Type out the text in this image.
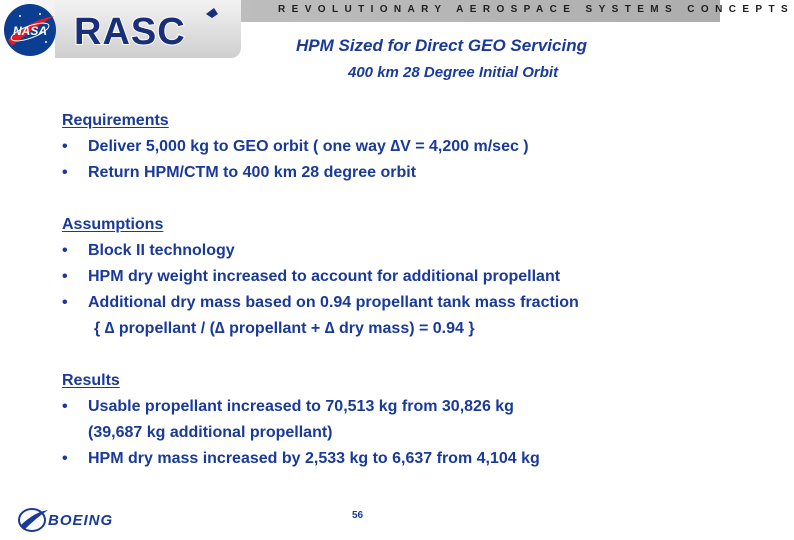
REVOLUTIONARY AEROSPACE SYSTEMS CONCEPTS
RASC
NASA
HPM Sized for Direct GEO Servicing
400 km 28 Degree Initial Orbit
Requirements
•	Deliver 5,000 kg to GEO orbit ( one way ∆V = 4,200 m/sec )
•	Return HPM/CTM to 400 km 28 degree orbit
Assumptions
•	Block II technology
•	HPM dry weight increased to account for additional propellant
•	Additional dry mass based on 0.94 propellant tank mass fraction
{ ∆ propellant / (∆ propellant + ∆ dry mass) = 0.94 }
Results
•	Usable propellant increased to 70,513 kg from 30,826 kg
(39,687 kg additional propellant)
•	HPM dry mass increased by 2,533 kg to 6,637 from 4,104 kg
BOEING	56
